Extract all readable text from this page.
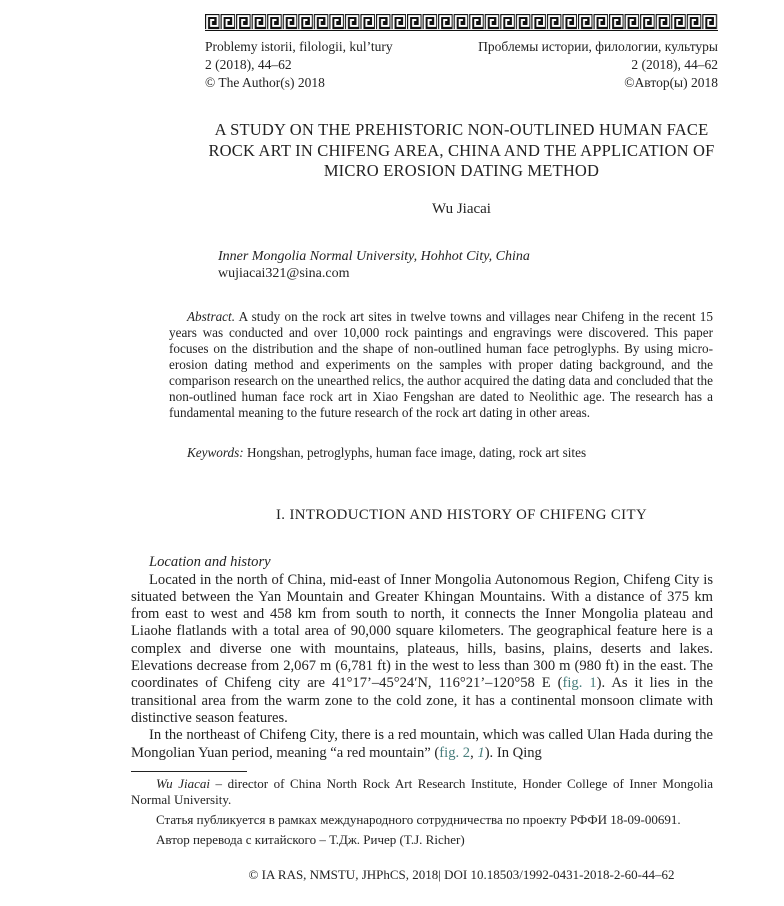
Problemy istorii, filologii, kul’tury
2 (2018), 44–62
© The Author(s) 2018
Проблемы истории, филологии, культуры
2 (2018), 44–62
©Автор(ы) 2018
A STUDY ON THE PREHISTORIC NON-OUTLINED HUMAN FACE
ROCK ART IN CHIFENG AREA, CHINA AND THE APPLICATION OF
MICRO EROSION DATING METHOD
Wu Jiacai
Inner Mongolia Normal University, Hohhot City, China
wujiacai321@sina.com

Abstract. A study on the rock art sites in twelve towns and villages near Chifeng in the recent 15 years was conducted and over 10,000 rock paintings and engravings were discovered. This paper focuses on the distribution and the shape of non-outlined human face petroglyphs. By using micro-erosion dating method and experiments on the samples with proper dating background, and the comparison research on the unearthed relics, the author acquired the dating data and concluded that the non-outlined human face rock art in Xiao Fengshan are dated to Neolithic age. The research has a fundamental meaning to the future research of the rock art dating in other areas.

Keywords: Hongshan, petroglyphs, human face image, dating, rock art sites

I. INTRODUCTION AND HISTORY OF CHIFENG CITY
Location and history

Located in the north of China, mid-east of Inner Mongolia Autonomous Region, Chifeng City is situated between the Yan Mountain and Greater Khingan Mountains. With a distance of 375 km from east to west and 458 km from south to north, it connects the Inner Mongolia plateau and Liaohe flatlands with a total area of 90,000 square kilometers. The geographical feature here is a complex and diverse one with mountains, plateaus, hills, basins, plains, deserts and lakes. Elevations decrease from 2,067 m (6,781 ft) in the west to less than 300 m (980 ft) in the east. The coordinates of Chifeng city are 41°17’–45°24′N, 116°21’–120°58 E (fig. 1). As it lies in the transitional area from the warm zone to the cold zone, it has a continental monsoon climate with distinctive season features.

In the northeast of Chifeng City, there is a red mountain, which was called Ulan Hada during the Mongolian Yuan period, meaning “a red mountain” (fig. 2, 1). In Qing

Wu Jiacai – director of China North Rock Art Research Institute, Honder College of Inner Mongolia Normal University.

Статья публикуется в рамках международного сотрудничества по проекту РФФИ 18-09-00691.

Автор перевода с китайского – Т.Дж. Ричер (T.J. Richer)

© IA RAS, NMSTU, JHPhCS, 2018| DOI 10.18503/1992-0431-2018-2-60-44–62
